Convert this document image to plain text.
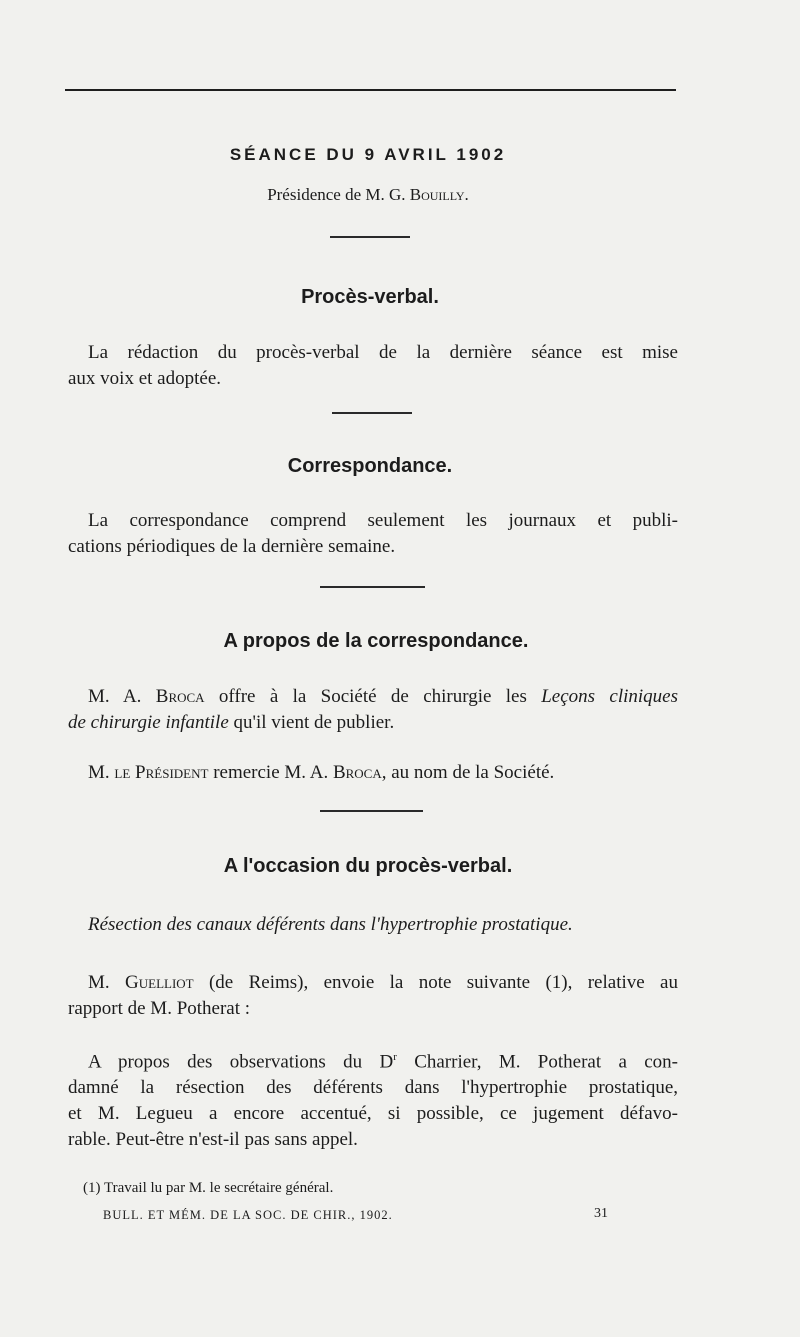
SÉANCE DU 9 AVRIL 1902
Présidence de M. G. Bouilly.
Procès-verbal.
La rédaction du procès-verbal de la dernière séance est mise
aux voix et adoptée.
Correspondance.
La correspondance comprend seulement les journaux et publi-
cations périodiques de la dernière semaine.
A propos de la correspondance.
M. A. Broca offre à la Société de chirurgie les Leçons cliniques
de chirurgie infantile qu'il vient de publier.
M. le Président remercie M. A. Broca, au nom de la Société.
A l'occasion du procès-verbal.
Résection des canaux déférents dans l'hypertrophie prostatique.
M. Guelliot (de Reims), envoie la note suivante (1), relative au
rapport de M. Potherat :
A propos des observations du $D^r$ Charrier, M. Potherat a con-
damné la résection des déférents dans l'hypertrophie prostatique,
et M. Legueu a encore accentué, si possible, ce jugement défavo-
rable. Peut-être n'est-il pas sans appel.
(1) Travail lu par M. le secrétaire général.
BULL. ET MÉM. DE LA SOC. DE CHIR., 1902.	31
